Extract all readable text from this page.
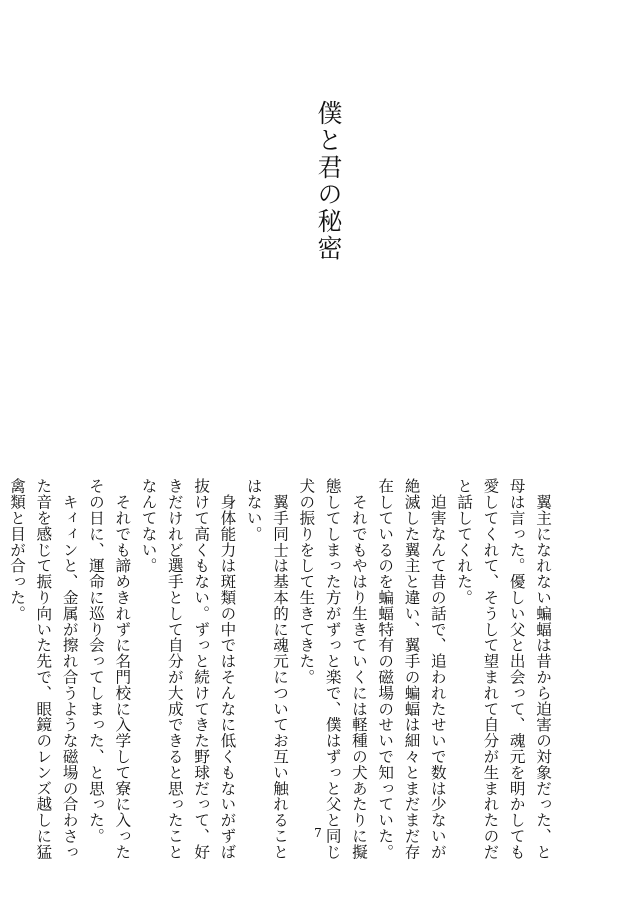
僕と君の秘密
　翼主になれない蝙蝠は昔から迫害の対象だった、と
母は言った。優しい父と出会って、魂元を明かしても
愛してくれて、そうして望まれて自分が生まれたのだ
と話してくれた。
　迫害なんて昔の話で、追われたせいで数は少ないが
絶滅した翼主と違い、翼手の蝙蝠は細々とまだまだ存
在しているのを蝙蝠特有の磁場のせいで知っていた。
　それでもやはり生きていくには軽種の犬あたりに擬
態してしまった方がずっと楽で、僕はずっと父と同じ
犬の振りをして生きてきた。
　翼手同士は基本的に魂元についてお互い触れること
はない。
　身体能力は斑類の中ではそんなに低くもないがずば
抜けて高くもない。ずっと続けてきた野球だって、好
きだけれど選手として自分が大成できると思ったこと
なんてない。
　それでも諦めきれずに名門校に入学して寮に入った
その日に、運命に巡り会ってしまった、と思った。
　キィィンと、金属が擦れ合うような磁場の合わさっ
た音を感じて振り向いた先で、眼鏡のレンズ越しに猛
禽類と目が合った。
7
